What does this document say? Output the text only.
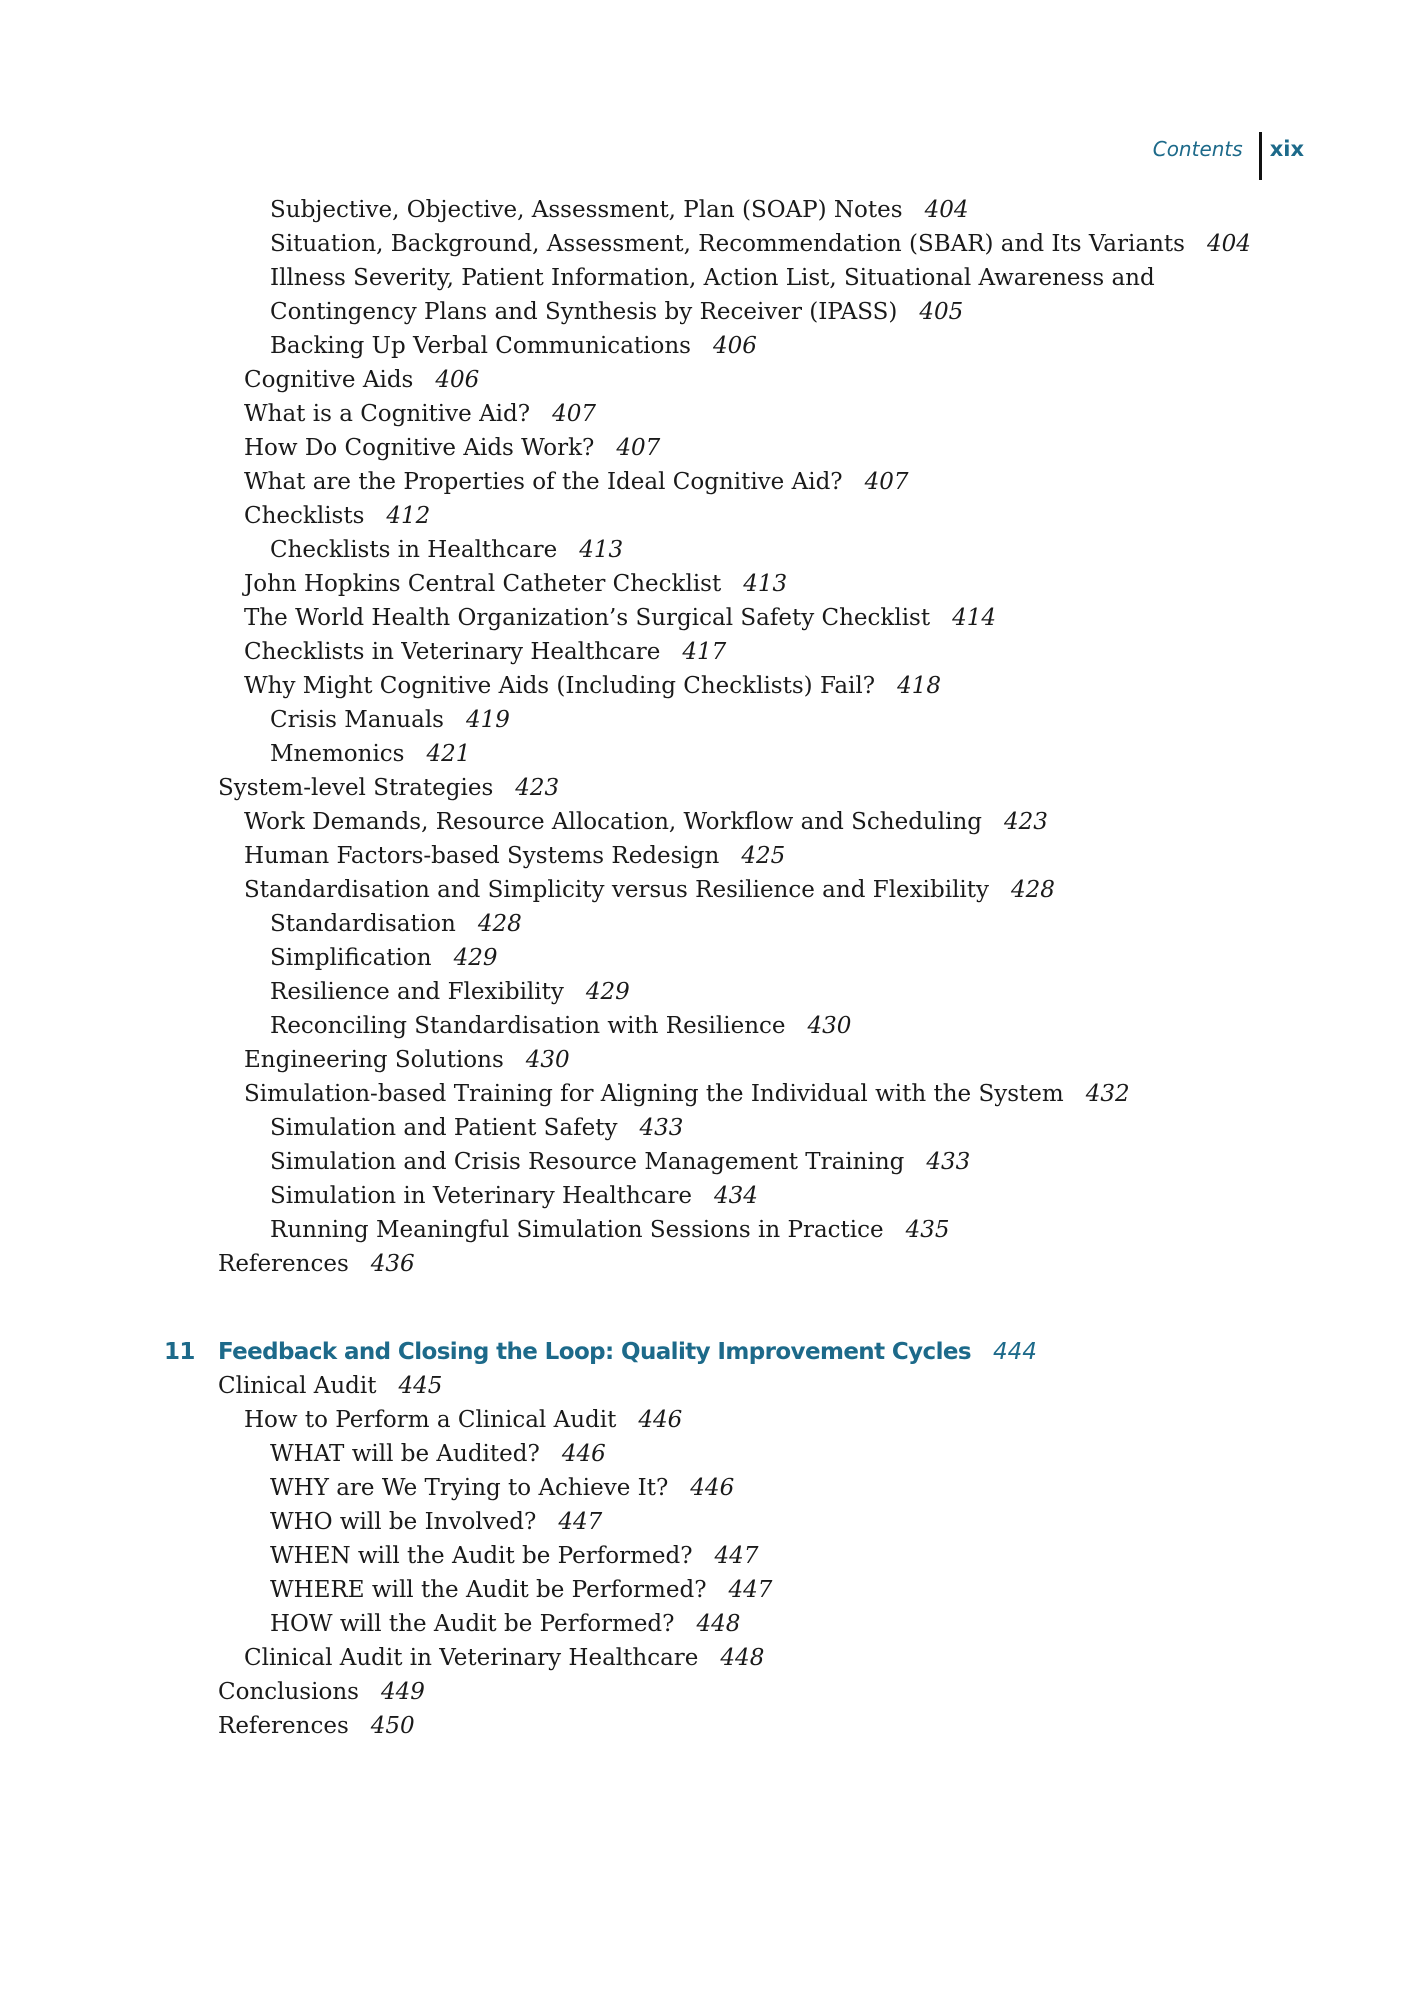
Contents	xix
11 Feedback and Closing the Loop: Quality Improvement Cycles 444
Subjective, Objective, Assessment, Plan (SOAP) Notes 404
Situation, Background, Assessment, Recommendation (SBAR) and Its Variants 404
Illness Severity, Patient Information, Action List, Situational Awareness and
Contingency Plans and Synthesis by Receiver (IPASS) 405
Backing Up Verbal Communications 406
Cognitive Aids 406
What is a Cognitive Aid? 407
How Do Cognitive Aids Work? 407
What are the Properties of the Ideal Cognitive Aid? 407
Checklists 412
Checklists in Healthcare 413
John Hopkins Central Catheter Checklist 413
The World Health Organization’s Surgical Safety Checklist 414
Checklists in Veterinary Healthcare 417
Why Might Cognitive Aids (Including Checklists) Fail? 418
Crisis Manuals 419
Mnemonics 421
System-level Strategies 423
Work Demands, Resource Allocation, Workflow and Scheduling 423
Human Factors-based Systems Redesign 425
Standardisation and Simplicity versus Resilience and Flexibility 428
Standardisation 428
Simplification 429
Resilience and Flexibility 429
Reconciling Standardisation with Resilience 430
Engineering Solutions 430
Simulation-based Training for Aligning the Individual with the System 432
Simulation and Patient Safety 433
Simulation and Crisis Resource Management Training 433
Simulation in Veterinary Healthcare 434
Running Meaningful Simulation Sessions in Practice 435
References 436
Clinical Audit 445
How to Perform a Clinical Audit 446
WHAT will be Audited? 446
WHY are We Trying to Achieve It? 446
WHO will be Involved? 447
WHEN will the Audit be Performed? 447
WHERE will the Audit be Performed? 447
HOW will the Audit be Performed? 448
Clinical Audit in Veterinary Healthcare 448
Conclusions 449
References 450
